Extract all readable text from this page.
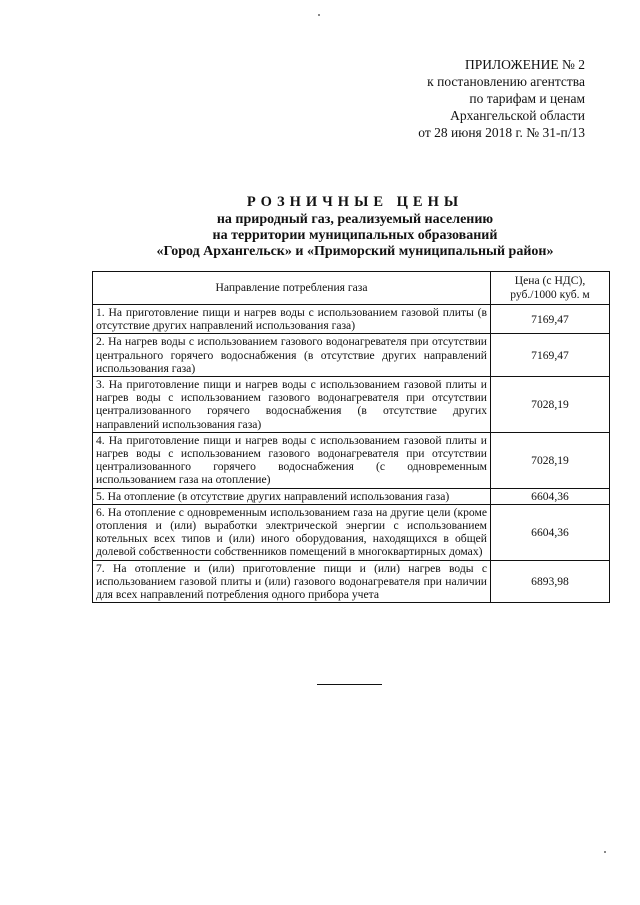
ПРИЛОЖЕНИЕ № 2
к постановлению агентства
по тарифам и ценам
Архангельской области
от 28 июня 2018 г. № 31-п/13
РОЗНИЧНЫЕ ЦЕНЫ
на природный газ, реализуемый населению
на территории муниципальных образований
«Город Архангельск» и «Приморский муниципальный район»
Направление потребления газа	Цена (с НДС), руб./1000 куб. м
1. На приготовление пищи и нагрев воды с использованием газовой плиты (в отсутствие других направлений использования газа)	7169,47
2. На нагрев воды с использованием газового водонагревателя при отсутствии центрального горячего водоснабжения (в отсутствие других направлений использования газа)	7169,47
3. На приготовление пищи и нагрев воды с использованием газовой плиты и нагрев воды с использованием газового водонагревателя при отсутствии централизованного горячего водоснабжения (в отсутствие других направлений использования газа)	7028,19
4. На приготовление пищи и нагрев воды с использованием газовой плиты и нагрев воды с использованием газового водонагревателя при отсутствии централизованного горячего водоснабжения (с одновременным использованием газа на отопление)	7028,19
5. На отопление (в отсутствие других направлений использования газа)	6604,36
6. На отопление с одновременным использованием газа на другие цели (кроме отопления и (или) выработки электрической энергии с использованием котельных всех типов и (или) иного оборудования, находящихся в общей долевой собственности собственников помещений в многоквартирных домах)	6604,36
7. На отопление и (или) приготовление пищи и (или) нагрев воды с использованием газовой плиты и (или) газового водонагревателя при наличии для всех направлений потребления одного прибора учета	6893,98
